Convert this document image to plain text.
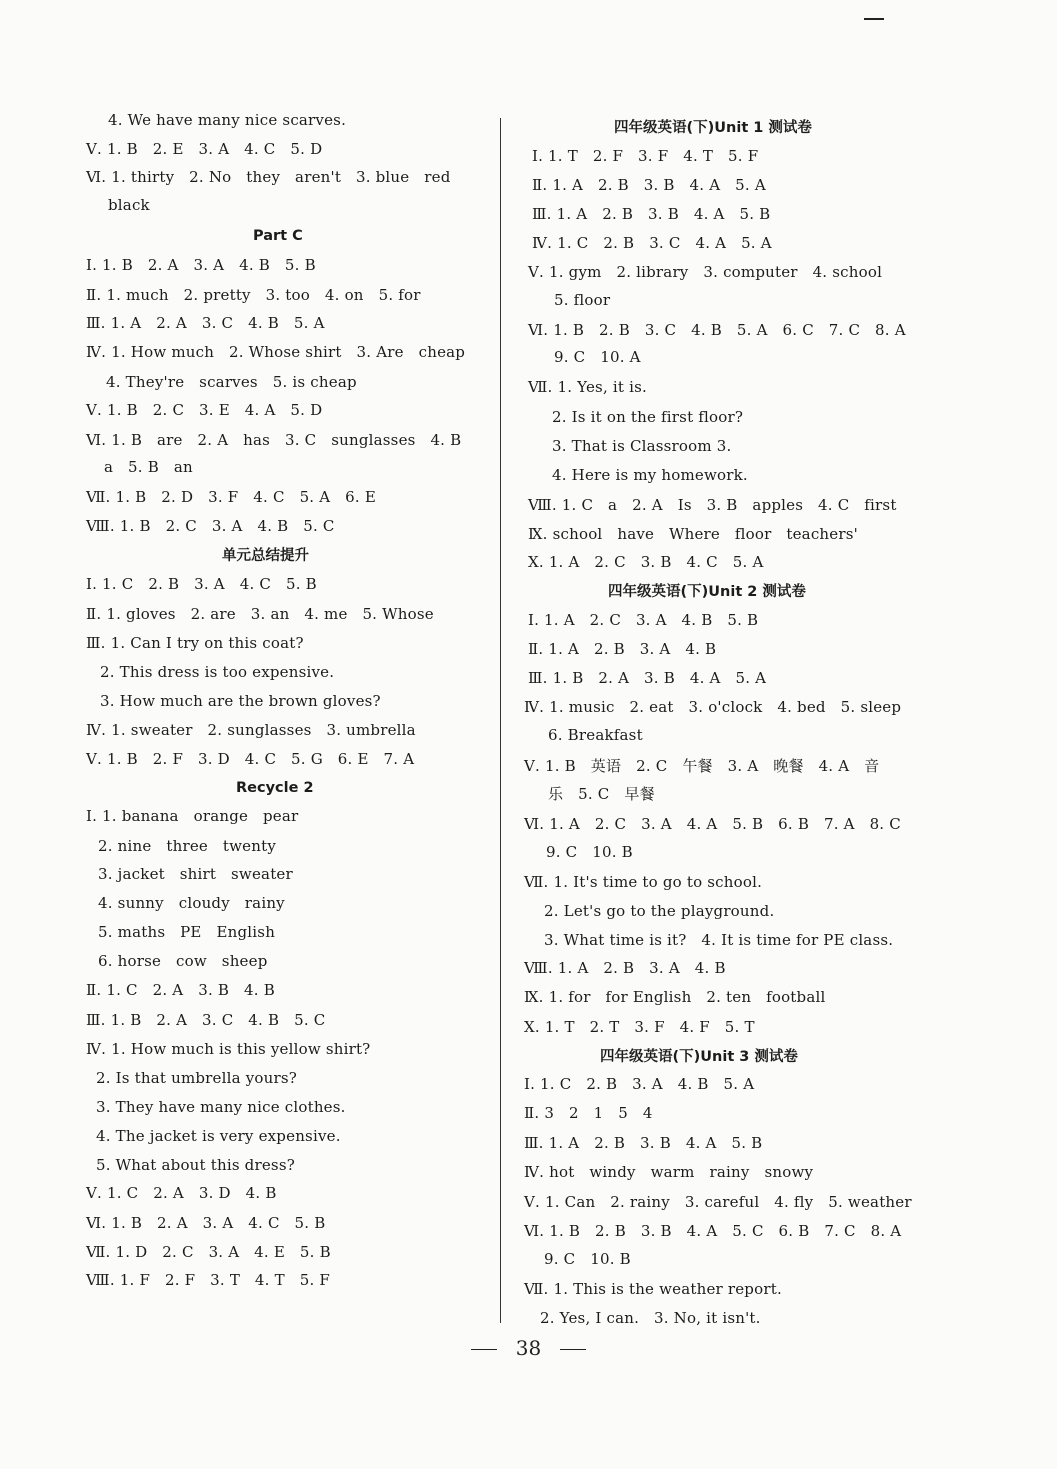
4. We have many nice scarves.
Ⅴ. 1. B   2. E   3. A   4. C   5. D
Ⅵ. 1. thirty   2. No   they   aren't   3. blue   red
black
Part C
Ⅰ. 1. B   2. A   3. A   4. B   5. B
Ⅱ. 1. much   2. pretty   3. too   4. on   5. for
Ⅲ. 1. A   2. A   3. C   4. B   5. A
Ⅳ. 1. How much   2. Whose shirt   3. Are   cheap
4. They're   scarves   5. is cheap
Ⅴ. 1. B   2. C   3. E   4. A   5. D
Ⅵ. 1. B   are   2. A   has   3. C   sunglasses   4. B
a   5. B   an
Ⅶ. 1. B   2. D   3. F   4. C   5. A   6. E
Ⅷ. 1. B   2. C   3. A   4. B   5. C
单元总结提升
Ⅰ. 1. C   2. B   3. A   4. C   5. B
Ⅱ. 1. gloves   2. are   3. an   4. me   5. Whose
Ⅲ. 1. Can I try on this coat?
2. This dress is too expensive.
3. How much are the brown gloves?
Ⅳ. 1. sweater   2. sunglasses   3. umbrella
Ⅴ. 1. B   2. F   3. D   4. C   5. G   6. E   7. A
Recycle 2
Ⅰ. 1. banana   orange   pear
2. nine   three   twenty
3. jacket   shirt   sweater
4. sunny   cloudy   rainy
5. maths   PE   English
6. horse   cow   sheep
Ⅱ. 1. C   2. A   3. B   4. B
Ⅲ. 1. B   2. A   3. C   4. B   5. C
Ⅳ. 1. How much is this yellow shirt?
2. Is that umbrella yours?
3. They have many nice clothes.
4. The jacket is very expensive.
5. What about this dress?
Ⅴ. 1. C   2. A   3. D   4. B
Ⅵ. 1. B   2. A   3. A   4. C   5. B
Ⅶ. 1. D   2. C   3. A   4. E   5. B
Ⅷ. 1. F   2. F   3. T   4. T   5. F
四年级英语(下)Unit 1 测试卷
Ⅰ. 1. T   2. F   3. F   4. T   5. F
Ⅱ. 1. A   2. B   3. B   4. A   5. A
Ⅲ. 1. A   2. B   3. B   4. A   5. B
Ⅳ. 1. C   2. B   3. C   4. A   5. A
Ⅴ. 1. gym   2. library   3. computer   4. school
5. floor
Ⅵ. 1. B   2. B   3. C   4. B   5. A   6. C   7. C   8. A
9. C   10. A
Ⅶ. 1. Yes, it is.
2. Is it on the first floor?
3. That is Classroom 3.
4. Here is my homework.
Ⅷ. 1. C   a   2. A   Is   3. B   apples   4. C   first
Ⅸ. school   have   Where   floor   teachers'
Ⅹ. 1. A   2. C   3. B   4. C   5. A
四年级英语(下)Unit 2 测试卷
Ⅰ. 1. A   2. C   3. A   4. B   5. B
Ⅱ. 1. A   2. B   3. A   4. B
Ⅲ. 1. B   2. A   3. B   4. A   5. A
Ⅳ. 1. music   2. eat   3. o'clock   4. bed   5. sleep
6. Breakfast
Ⅴ. 1. B   英语   2. C   午餐   3. A   晚餐   4. A   音
乐   5. C   早餐
Ⅵ. 1. A   2. C   3. A   4. A   5. B   6. B   7. A   8. C
9. C   10. B
Ⅶ. 1. It's time to go to school.
2. Let's go to the playground.
3. What time is it?   4. It is time for PE class.
Ⅷ. 1. A   2. B   3. A   4. B
Ⅸ. 1. for   for English   2. ten   football
Ⅹ. 1. T   2. T   3. F   4. F   5. T
四年级英语(下)Unit 3 测试卷
Ⅰ. 1. C   2. B   3. A   4. B   5. A
Ⅱ. 3   2   1   5   4
Ⅲ. 1. A   2. B   3. B   4. A   5. B
Ⅳ. hot   windy   warm   rainy   snowy
Ⅴ. 1. Can   2. rainy   3. careful   4. fly   5. weather
Ⅵ. 1. B   2. B   3. B   4. A   5. C   6. B   7. C   8. A
9. C   10. B
Ⅶ. 1. This is the weather report.
2. Yes, I can.   3. No, it isn't.
38
